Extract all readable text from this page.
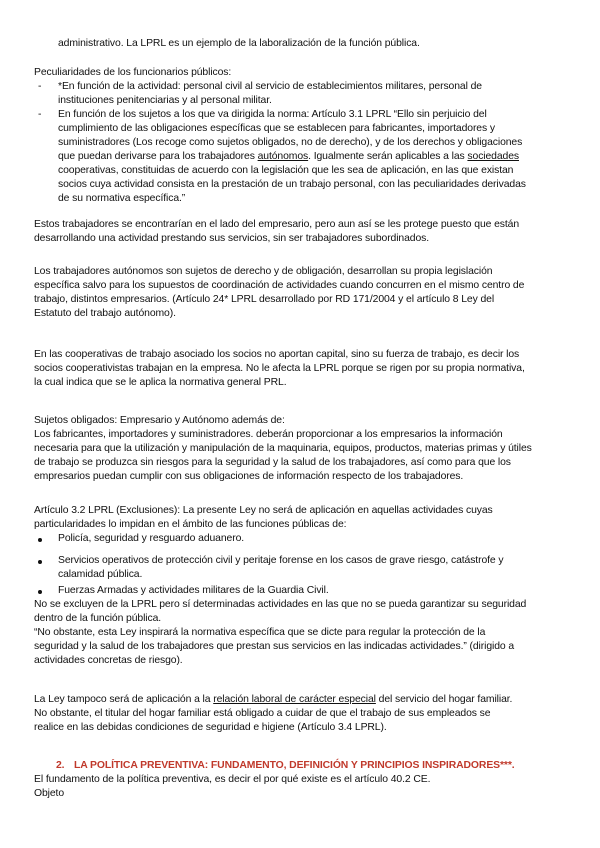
administrativo. La LPRL es un ejemplo de la laboralización de la función pública.
Peculiaridades de los funcionarios públicos:
- *En función de la actividad: personal civil al servicio de establecimientos militares, personal de
instituciones penitenciarias y al personal militar.
- En función de los sujetos a los que va dirigida la norma: Artículo 3.1 LPRL “Ello sin perjuicio del
cumplimiento de las obligaciones específicas que se establecen para fabricantes, importadores y
suministradores (Los recoge como sujetos obligados, no de derecho), y de los derechos y obligaciones
que puedan derivarse para los trabajadores autónomos. Igualmente serán aplicables a las sociedades
cooperativas, constituidas de acuerdo con la legislación que les sea de aplicación, en las que existan
socios cuya actividad consista en la prestación de un trabajo personal, con las peculiaridades derivadas
de su normativa específica.”
Estos trabajadores se encontrarían en el lado del empresario, pero aun así se les protege puesto que están
desarrollando una actividad prestando sus servicios, sin ser trabajadores subordinados.
Los trabajadores autónomos son sujetos de derecho y de obligación, desarrollan su propia legislación
específica salvo para los supuestos de coordinación de actividades cuando concurren en el mismo centro de
trabajo, distintos empresarios. (Artículo 24* LPRL desarrollado por RD 171/2004 y el artículo 8 Ley del
Estatuto del trabajo autónomo).
En las cooperativas de trabajo asociado los socios no aportan capital, sino su fuerza de trabajo, es decir los
socios cooperativistas trabajan en la empresa. No le afecta la LPRL porque se rigen por su propia normativa,
la cual indica que se le aplica la normativa general PRL.
Sujetos obligados: Empresario y Autónomo además de:
Los fabricantes, importadores y suministradores. deberán proporcionar a los empresarios la información
necesaria para que la utilización y manipulación de la maquinaria, equipos, productos, materias primas y útiles
de trabajo se produzca sin riesgos para la seguridad y la salud de los trabajadores, así como para que los
empresarios puedan cumplir con sus obligaciones de información respecto de los trabajadores.
Artículo 3.2 LPRL (Exclusiones): La presente Ley no será de aplicación en aquellas actividades cuyas
particularidades lo impidan en el ámbito de las funciones públicas de:
Policía, seguridad y resguardo aduanero.
Servicios operativos de protección civil y peritaje forense en los casos de grave riesgo, catástrofe y
calamidad pública.
Fuerzas Armadas y actividades militares de la Guardia Civil.
No se excluyen de la LPRL pero sí determinadas actividades en las que no se pueda garantizar su seguridad
dentro de la función pública.
“No obstante, esta Ley inspirará la normativa específica que se dicte para regular la protección de la
seguridad y la salud de los trabajadores que prestan sus servicios en las indicadas actividades.” (dirigido a
actividades concretas de riesgo).
La Ley tampoco será de aplicación a la relación laboral de carácter especial del servicio del hogar familiar.
No obstante, el titular del hogar familiar está obligado a cuidar de que el trabajo de sus empleados se
realice en las debidas condiciones de seguridad e higiene (Artículo 3.4 LPRL).
2. LA POLÍTICA PREVENTIVA: FUNDAMENTO, DEFINICIÓN Y PRINCIPIOS INSPIRADORES***.
El fundamento de la política preventiva, es decir el por qué existe es el artículo 40.2 CE.
Objeto
